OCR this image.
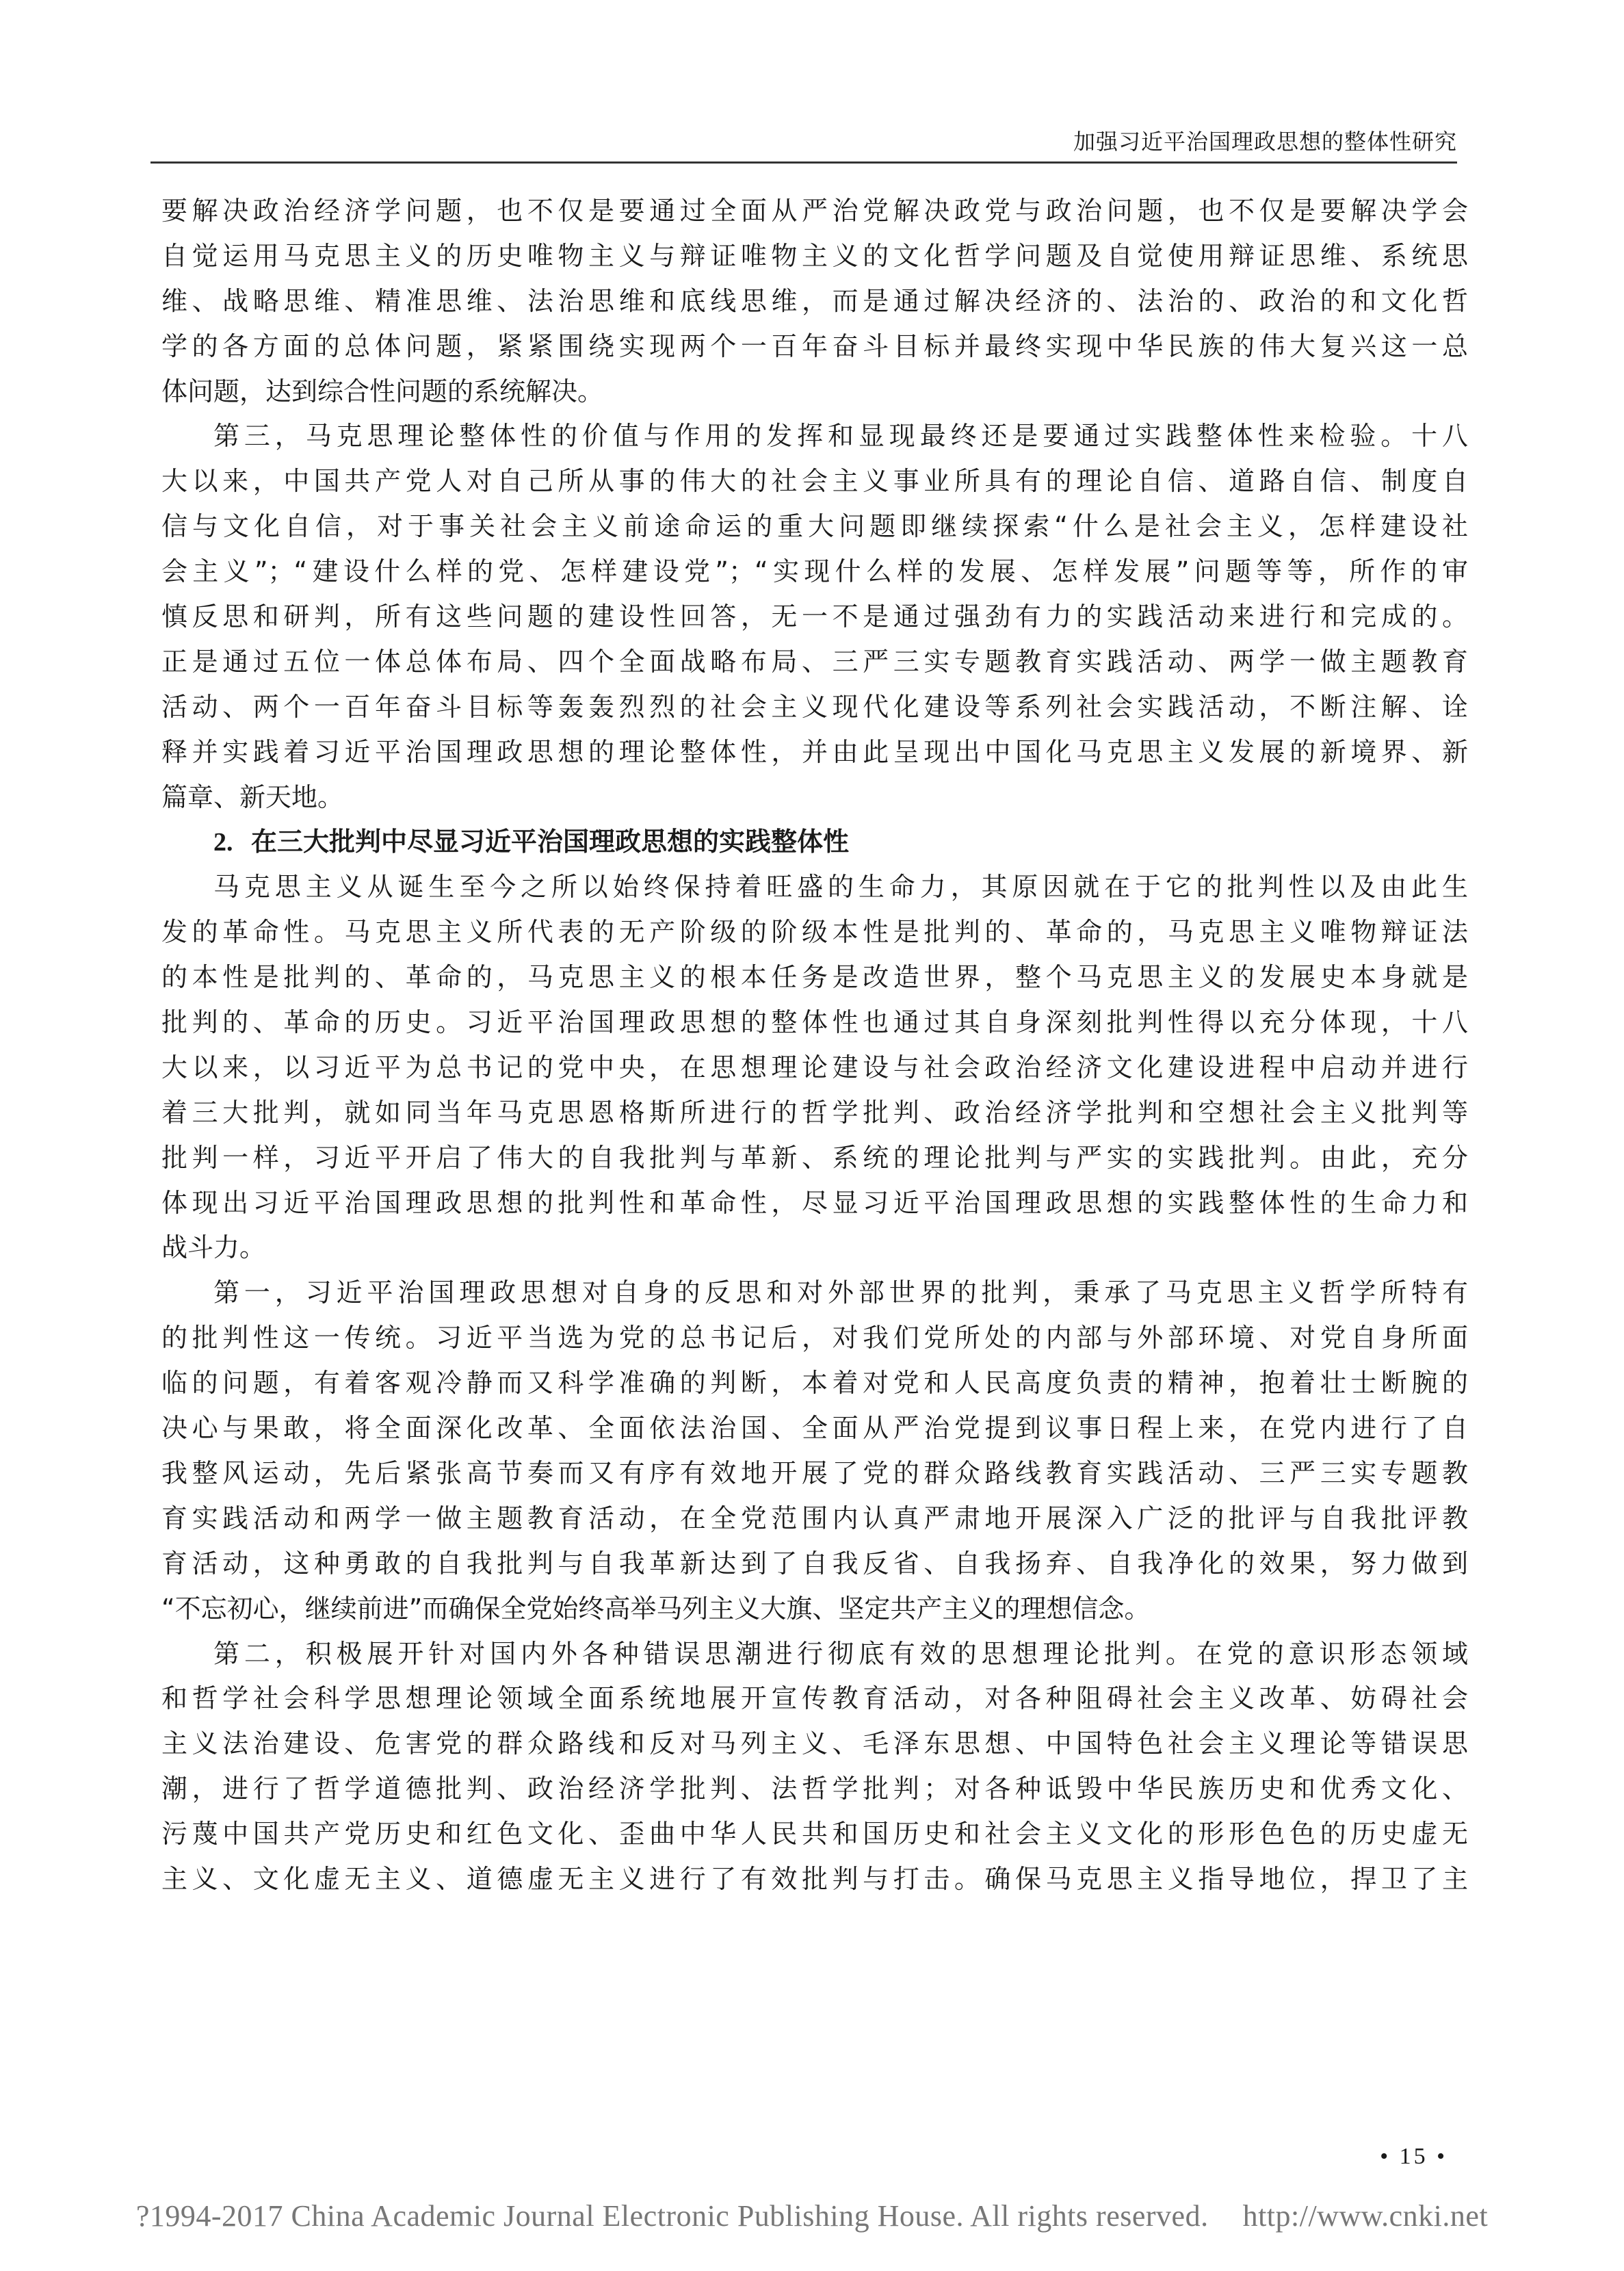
加强习近平治国理政思想的整体性研究
要解决政治经济学问题，也不仅是要通过全面从严治党解决政党与政治问题，也不仅是要解决学会
自觉运用马克思主义的历史唯物主义与辩证唯物主义的文化哲学问题及自觉使用辩证思维、系统思
维、战略思维、精准思维、法治思维和底线思维，而是通过解决经济的、法治的、政治的和文化哲
学的各方面的总体问题，紧紧围绕实现两个一百年奋斗目标并最终实现中华民族的伟大复兴这一总
体问题，达到综合性问题的系统解决。
第三，马克思理论整体性的价值与作用的发挥和显现最终还是要通过实践整体性来检验。十八
大以来，中国共产党人对自己所从事的伟大的社会主义事业所具有的理论自信、道路自信、制度自
信与文化自信，对于事关社会主义前途命运的重大问题即继续探索“什么是社会主义，怎样建设社
会主义”；“建设什么样的党、怎样建设党”；“实现什么样的发展、怎样发展”问题等等，所作的审
慎反思和研判，所有这些问题的建设性回答，无一不是通过强劲有力的实践活动来进行和完成的。
正是通过五位一体总体布局、四个全面战略布局、三严三实专题教育实践活动、两学一做主题教育
活动、两个一百年奋斗目标等轰轰烈烈的社会主义现代化建设等系列社会实践活动，不断注解、诠
释并实践着习近平治国理政思想的理论整体性，并由此呈现出中国化马克思主义发展的新境界、新
篇章、新天地。
2. 在三大批判中尽显习近平治国理政思想的实践整体性
马克思主义从诞生至今之所以始终保持着旺盛的生命力，其原因就在于它的批判性以及由此生
发的革命性。马克思主义所代表的无产阶级的阶级本性是批判的、革命的，马克思主义唯物辩证法
的本性是批判的、革命的，马克思主义的根本任务是改造世界，整个马克思主义的发展史本身就是
批判的、革命的历史。习近平治国理政思想的整体性也通过其自身深刻批判性得以充分体现，十八
大以来，以习近平为总书记的党中央，在思想理论建设与社会政治经济文化建设进程中启动并进行
着三大批判，就如同当年马克思恩格斯所进行的哲学批判、政治经济学批判和空想社会主义批判等
批判一样，习近平开启了伟大的自我批判与革新、系统的理论批判与严实的实践批判。由此，充分
体现出习近平治国理政思想的批判性和革命性，尽显习近平治国理政思想的实践整体性的生命力和
战斗力。
第一，习近平治国理政思想对自身的反思和对外部世界的批判，秉承了马克思主义哲学所特有
的批判性这一传统。习近平当选为党的总书记后，对我们党所处的内部与外部环境、对党自身所面
临的问题，有着客观冷静而又科学准确的判断，本着对党和人民高度负责的精神，抱着壮士断腕的
决心与果敢，将全面深化改革、全面依法治国、全面从严治党提到议事日程上来，在党内进行了自
我整风运动，先后紧张高节奏而又有序有效地开展了党的群众路线教育实践活动、三严三实专题教
育实践活动和两学一做主题教育活动，在全党范围内认真严肃地开展深入广泛的批评与自我批评教
育活动，这种勇敢的自我批判与自我革新达到了自我反省、自我扬弃、自我净化的效果，努力做到
“不忘初心，继续前进”而确保全党始终高举马列主义大旗、坚定共产主义的理想信念。
第二，积极展开针对国内外各种错误思潮进行彻底有效的思想理论批判。在党的意识形态领域
和哲学社会科学思想理论领域全面系统地展开宣传教育活动，对各种阻碍社会主义改革、妨碍社会
主义法治建设、危害党的群众路线和反对马列主义、毛泽东思想、中国特色社会主义理论等错误思
潮，进行了哲学道德批判、政治经济学批判、法哲学批判；对各种诋毁中华民族历史和优秀文化、
污蔑中国共产党历史和红色文化、歪曲中华人民共和国历史和社会主义文化的形形色色的历史虚无
主义、文化虚无主义、道德虚无主义进行了有效批判与打击。确保马克思主义指导地位，捍卫了主
• 15 •
?1994-2017 China Academic Journal Electronic Publishing House. All rights reserved. http://www.cnki.net
